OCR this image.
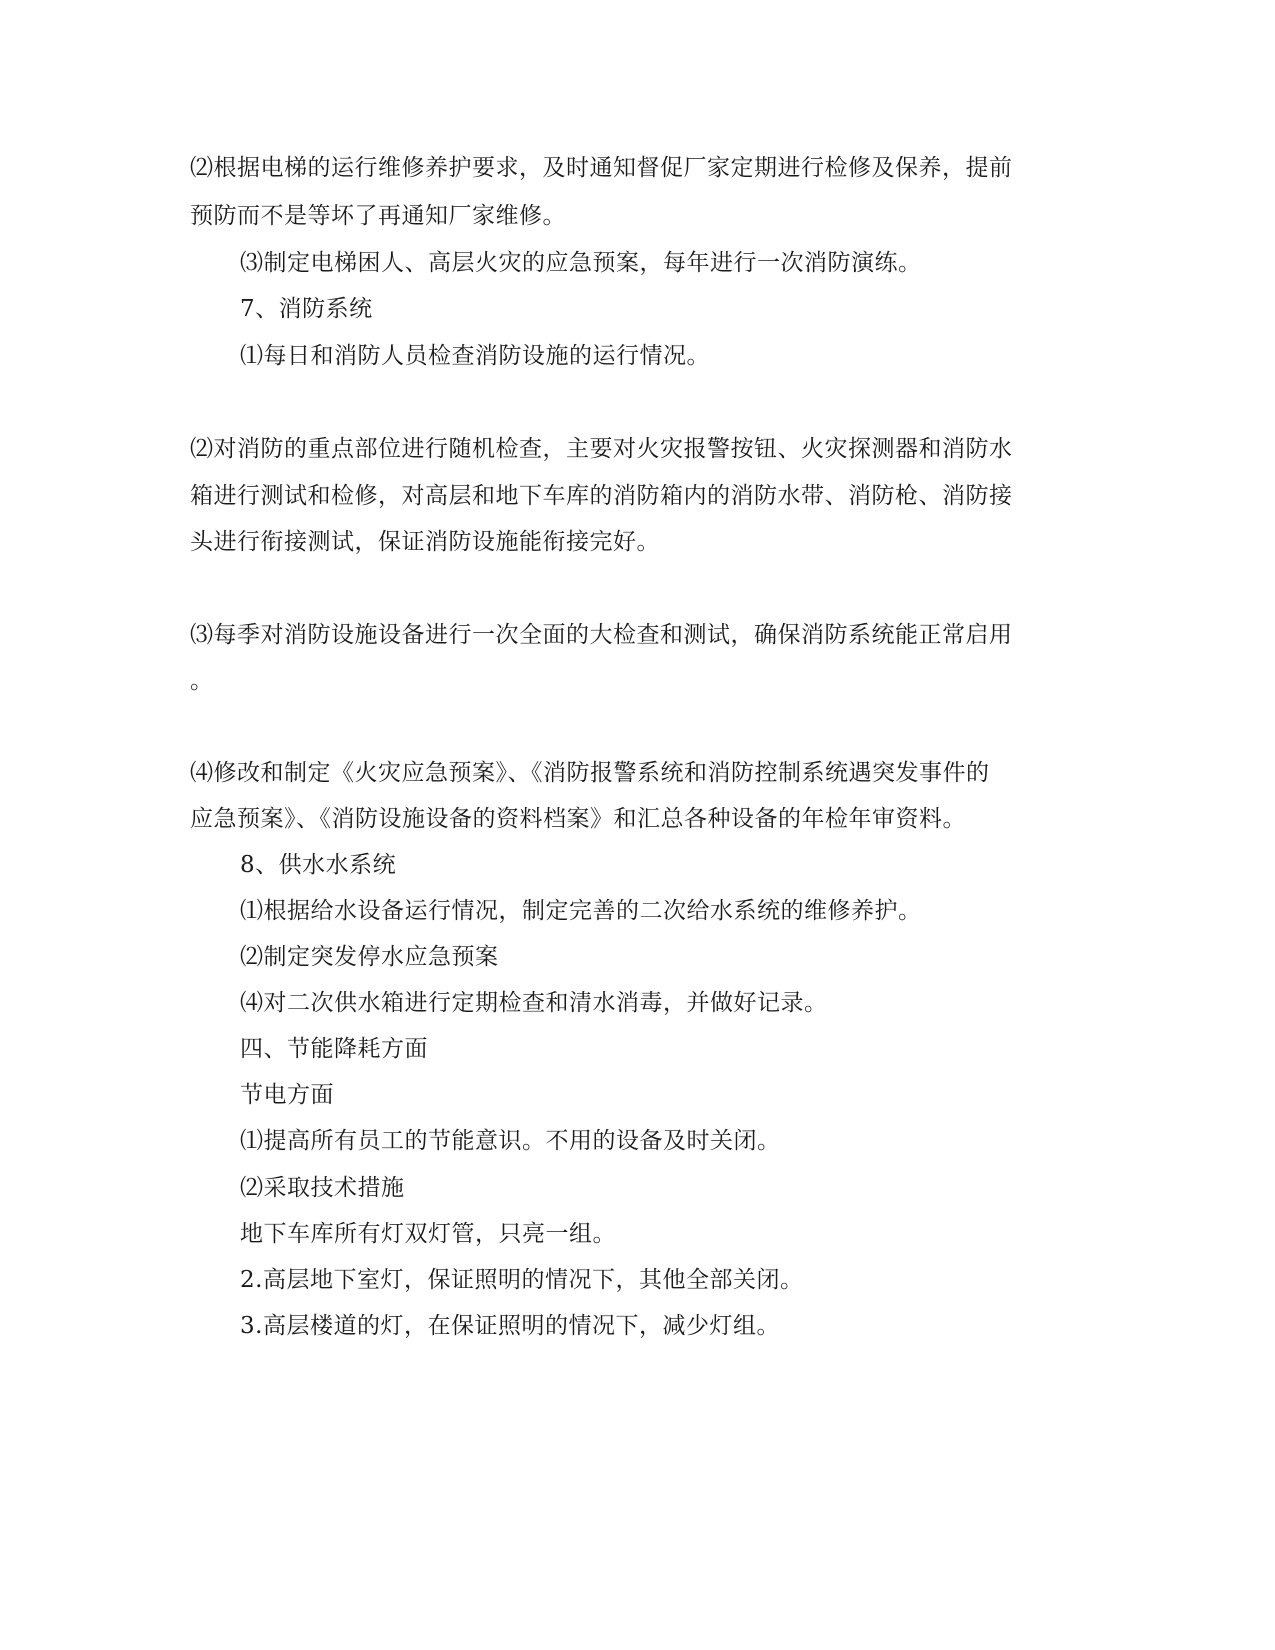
⑵根据电梯的运行维修养护要求，及时通知督促厂家定期进行检修及保养，提前
预防而不是等坏了再通知厂家维修。
⑶制定电梯困人、高层火灾的应急预案，每年进行一次消防演练。
7、消防系统
⑴每日和消防人员检查消防设施的运行情况。
⑵对消防的重点部位进行随机检查，主要对火灾报警按钮、火灾探测器和消防水
箱进行测试和检修，对高层和地下车库的消防箱内的消防水带、消防枪、消防接
头进行衔接测试，保证消防设施能衔接完好。
⑶每季对消防设施设备进行一次全面的大检查和测试，确保消防系统能正常启用
。
⑷修改和制定《火灾应急预案》、《消防报警系统和消防控制系统遇突发事件的
应急预案》、《消防设施设备的资料档案》和汇总各种设备的年检年审资料。
8、供水水系统
⑴根据给水设备运行情况，制定完善的二次给水系统的维修养护。
⑵制定突发停水应急预案
⑷对二次供水箱进行定期检查和清水消毒，并做好记录。
四、节能降耗方面
节电方面
⑴提高所有员工的节能意识。不用的设备及时关闭。
⑵采取技术措施
地下车库所有灯双灯管，只亮一组。
2.高层地下室灯，保证照明的情况下，其他全部关闭。
3.高层楼道的灯，在保证照明的情况下，减少灯组。
